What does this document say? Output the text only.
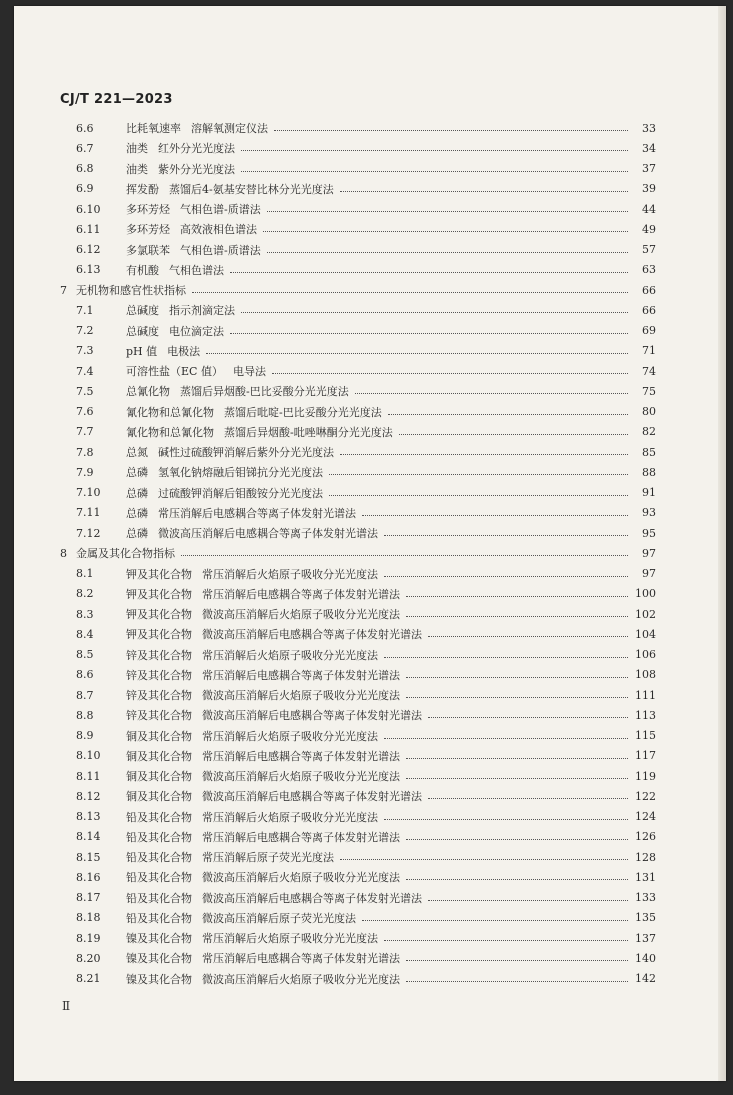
CJ/T 221—2023
6.6	比耗氧速率 溶解氧测定仪法	33
6.7	油类 红外分光光度法	34
6.8	油类 紫外分光光度法	37
6.9	挥发酚 蒸馏后4-氨基安替比林分光光度法	39
6.10	多环芳烃 气相色谱-质谱法	44
6.11	多环芳烃 高效液相色谱法	49
6.12	多氯联苯 气相色谱-质谱法	57
6.13	有机酸 气相色谱法	63
7 无机物和感官性状指标	66
7.1	总碱度 指示剂滴定法	66
7.2	总碱度 电位滴定法	69
7.3	pH 值 电极法	71
7.4	可溶性盐（EC 值） 电导法	74
7.5	总氰化物 蒸馏后异烟酸-巴比妥酸分光光度法	75
7.6	氰化物和总氰化物 蒸馏后吡啶-巴比妥酸分光光度法	80
7.7	氰化物和总氰化物 蒸馏后异烟酸-吡唑啉酮分光光度法	82
7.8	总氮 碱性过硫酸钾消解后紫外分光光度法	85
7.9	总磷 氢氧化钠熔融后钼锑抗分光光度法	88
7.10	总磷 过硫酸钾消解后钼酸铵分光光度法	91
7.11	总磷 常压消解后电感耦合等离子体发射光谱法	93
7.12	总磷 微波高压消解后电感耦合等离子体发射光谱法	95
8 金属及其化合物指标	97
8.1	钾及其化合物 常压消解后火焰原子吸收分光光度法	97
8.2	钾及其化合物 常压消解后电感耦合等离子体发射光谱法	100
8.3	钾及其化合物 微波高压消解后火焰原子吸收分光光度法	102
8.4	钾及其化合物 微波高压消解后电感耦合等离子体发射光谱法	104
8.5	锌及其化合物 常压消解后火焰原子吸收分光光度法	106
8.6	锌及其化合物 常压消解后电感耦合等离子体发射光谱法	108
8.7	锌及其化合物 微波高压消解后火焰原子吸收分光光度法	111
8.8	锌及其化合物 微波高压消解后电感耦合等离子体发射光谱法	113
8.9	铜及其化合物 常压消解后火焰原子吸收分光光度法	115
8.10	铜及其化合物 常压消解后电感耦合等离子体发射光谱法	117
8.11	铜及其化合物 微波高压消解后火焰原子吸收分光光度法	119
8.12	铜及其化合物 微波高压消解后电感耦合等离子体发射光谱法	122
8.13	铅及其化合物 常压消解后火焰原子吸收分光光度法	124
8.14	铅及其化合物 常压消解后电感耦合等离子体发射光谱法	126
8.15	铅及其化合物 常压消解后原子荧光光度法	128
8.16	铅及其化合物 微波高压消解后火焰原子吸收分光光度法	131
8.17	铅及其化合物 微波高压消解后电感耦合等离子体发射光谱法	133
8.18	铅及其化合物 微波高压消解后原子荧光光度法	135
8.19	镍及其化合物 常压消解后火焰原子吸收分光光度法	137
8.20	镍及其化合物 常压消解后电感耦合等离子体发射光谱法	140
8.21	镍及其化合物 微波高压消解后火焰原子吸收分光光度法	142
Ⅱ
